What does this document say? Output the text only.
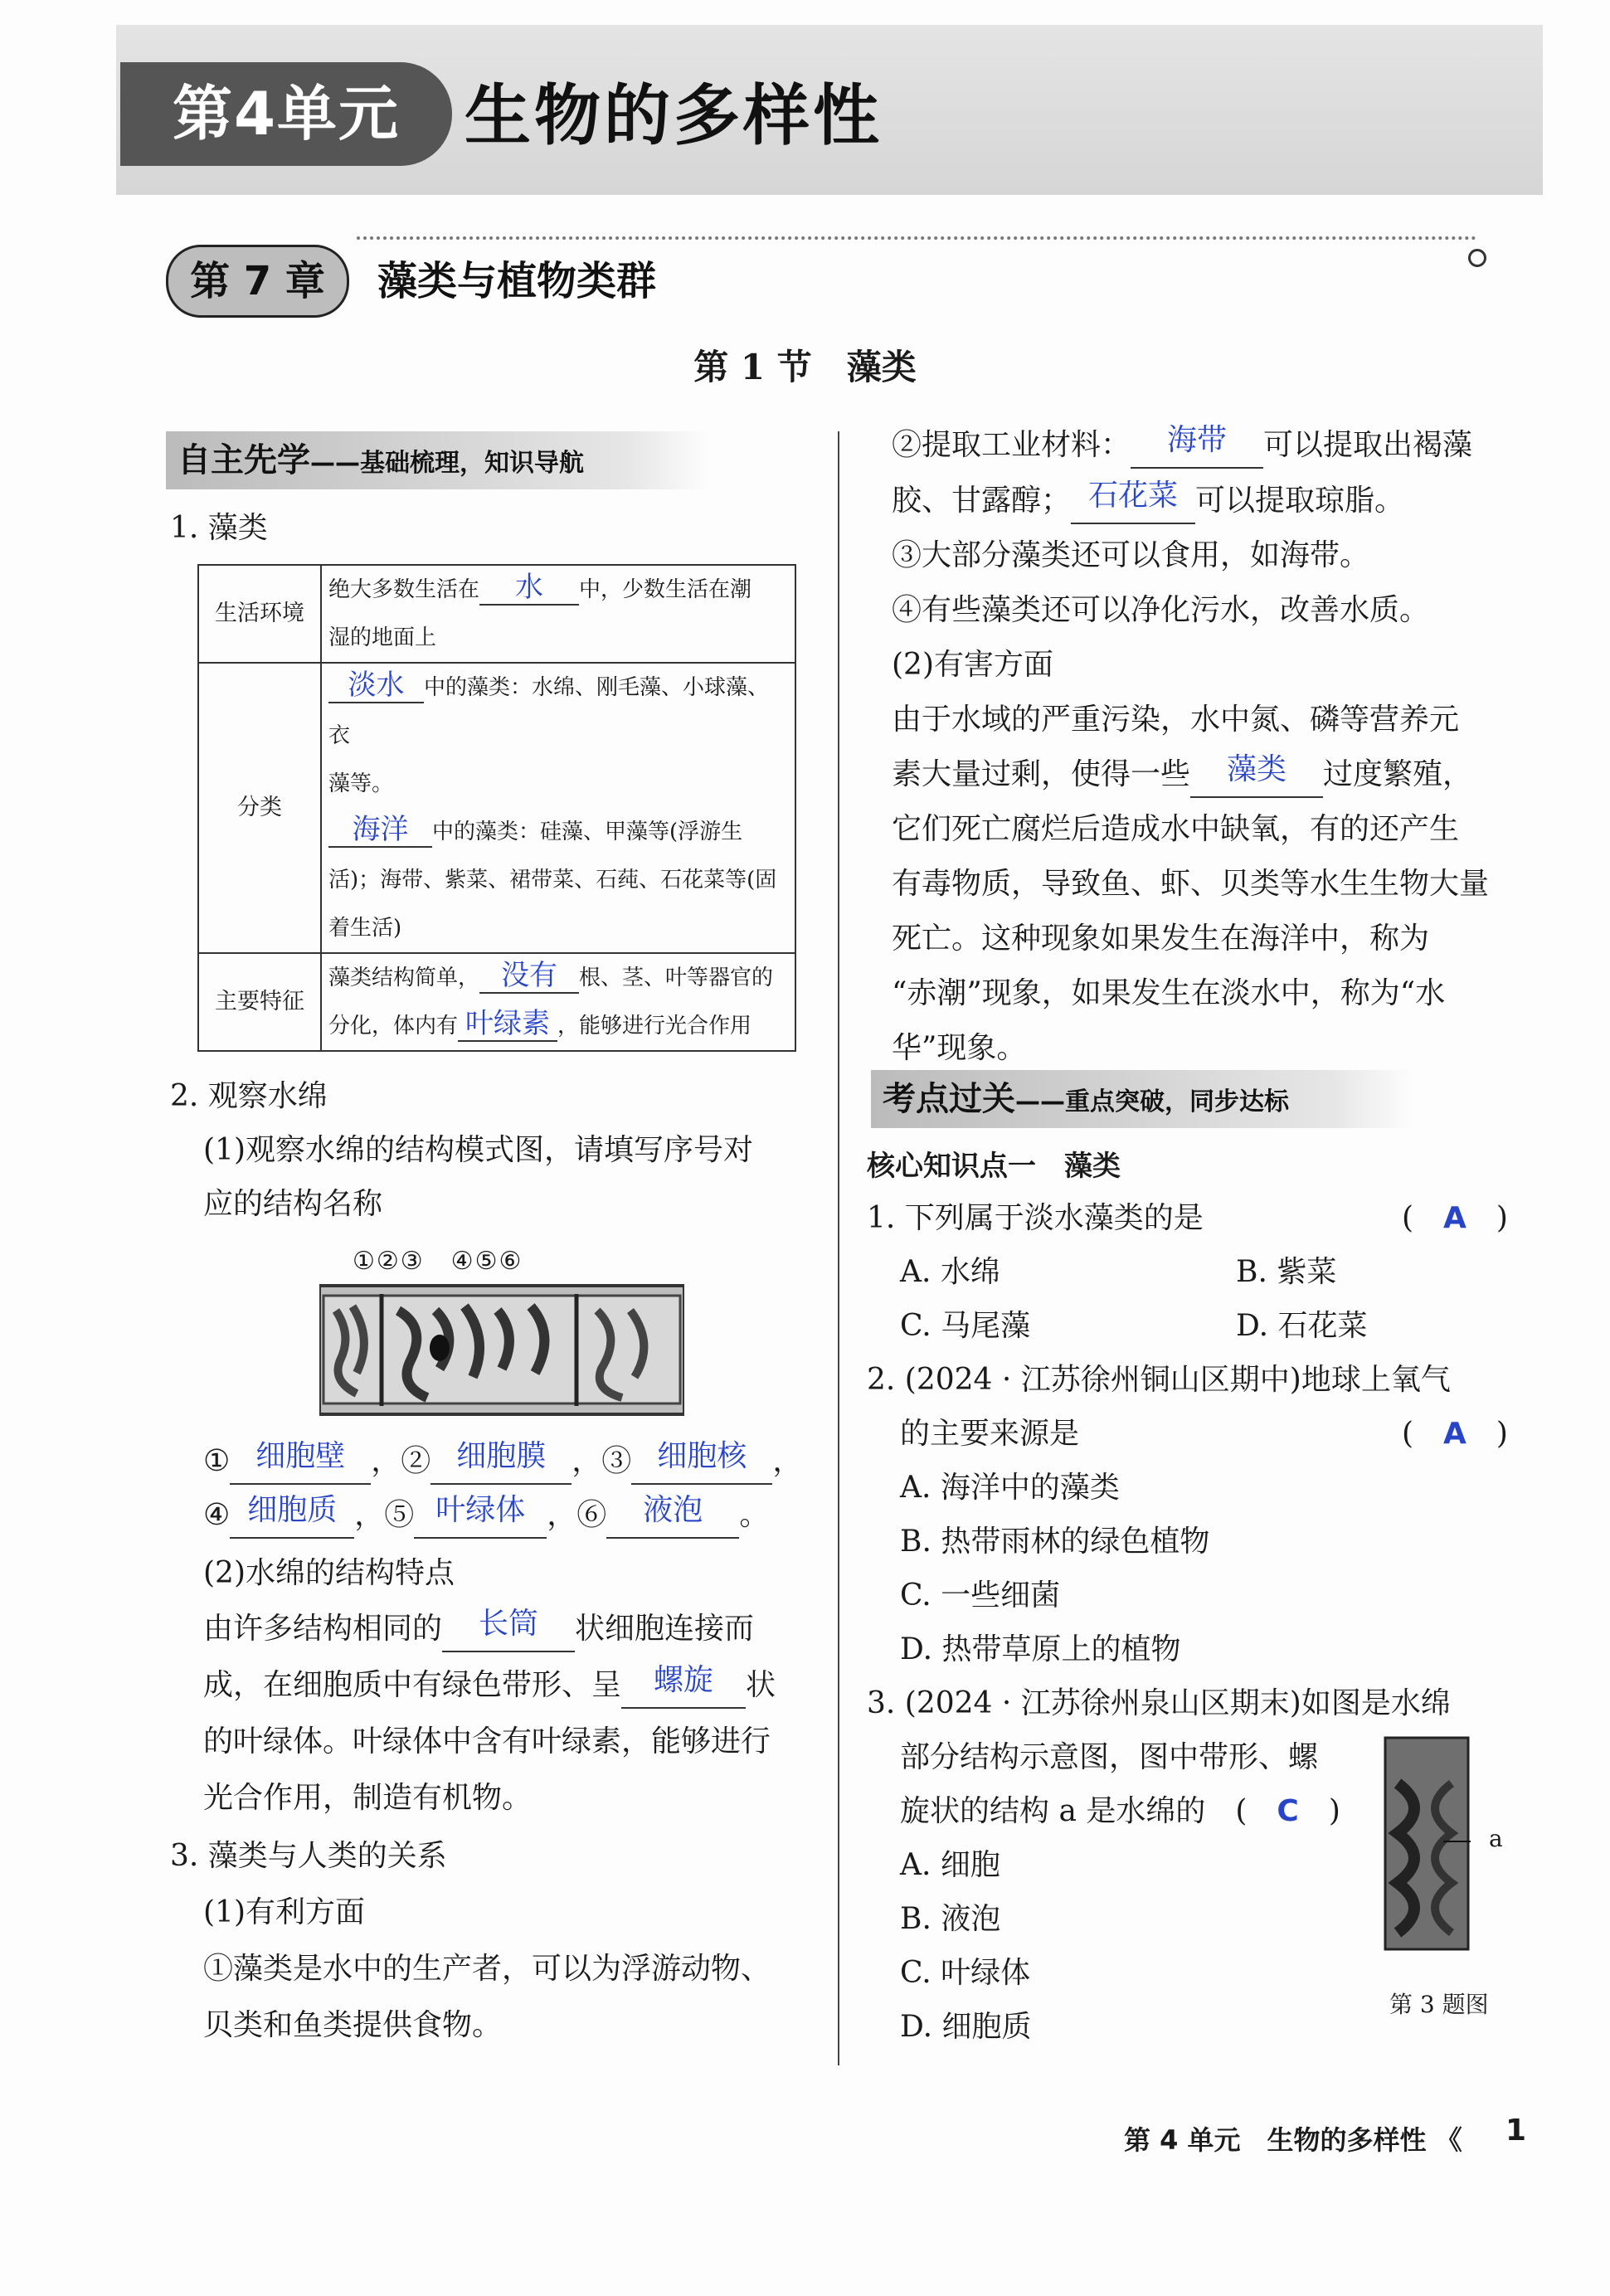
第4单元 生物的多样性
第 7 章	藻类与植物类群
第 1 节　藻类
自主先学——基础梳理，知识导航
1. 藻类
生活环境	绝大多数生活在 水 中，少数生活在潮
湿的地面上

分类	淡水 中的藻类：水绵、刚毛藻、小球藻、衣
藻等。
海洋 中的藻类：硅藻、甲藻等(浮游生
活)；海带、紫菜、裙带菜、石莼、石花菜等(固
着生活)

主要特征	藻类结构简单， 没有 根、茎、叶等器官的
分化，体内有 叶绿素 ，能够进行光合作用
2. 观察水绵
(1)观察水绵的结构模式图，请填写序号对
应的结构名称
①②③　④⑤⑥
① 细胞壁 ，② 细胞膜 ，③ 细胞核 ，
④ 细胞质 ，⑤ 叶绿体 ，⑥ 液泡 。
(2)水绵的结构特点
由许多结构相同的 长筒 状细胞连接而
成，在细胞质中有绿色带形、呈 螺旋 状
的叶绿体。叶绿体中含有叶绿素，能够进行
光合作用，制造有机物。
3. 藻类与人类的关系
(1)有利方面
①藻类是水中的生产者，可以为浮游动物、
贝类和鱼类提供食物。
②提取工业材料： 海带 可以提取出褐藻
胶、甘露醇； 石花菜 可以提取琼脂。
③大部分藻类还可以食用，如海带。
④有些藻类还可以净化污水，改善水质。
(2)有害方面
由于水域的严重污染，水中氮、磷等营养元
素大量过剩，使得一些 藻类 过度繁殖，
它们死亡腐烂后造成水中缺氧，有的还产生
有毒物质，导致鱼、虾、贝类等水生生物大量
死亡。这种现象如果发生在海洋中，称为
“赤潮”现象，如果发生在淡水中，称为“水
华”现象。
考点过关——重点突破，同步达标
核心知识点一　藻类
1. 下列属于淡水藻类的是	(　A　)
A. 水绵	B. 紫菜
C. 马尾藻	D. 石花菜
2. (2024 · 江苏徐州铜山区期中)地球上氧气
的主要来源是	(　A　)
A. 海洋中的藻类
B. 热带雨林的绿色植物
C. 一些细菌
D. 热带草原上的植物
3. (2024 · 江苏徐州泉山区期末)如图是水绵
部分结构示意图，图中带形、螺
旋状的结构 a 是水绵的　(　C　)
A. 细胞
B. 液泡
C. 叶绿体
D. 细胞质
a
第 3 题图
第 4 单元　生物的多样性 《 1
